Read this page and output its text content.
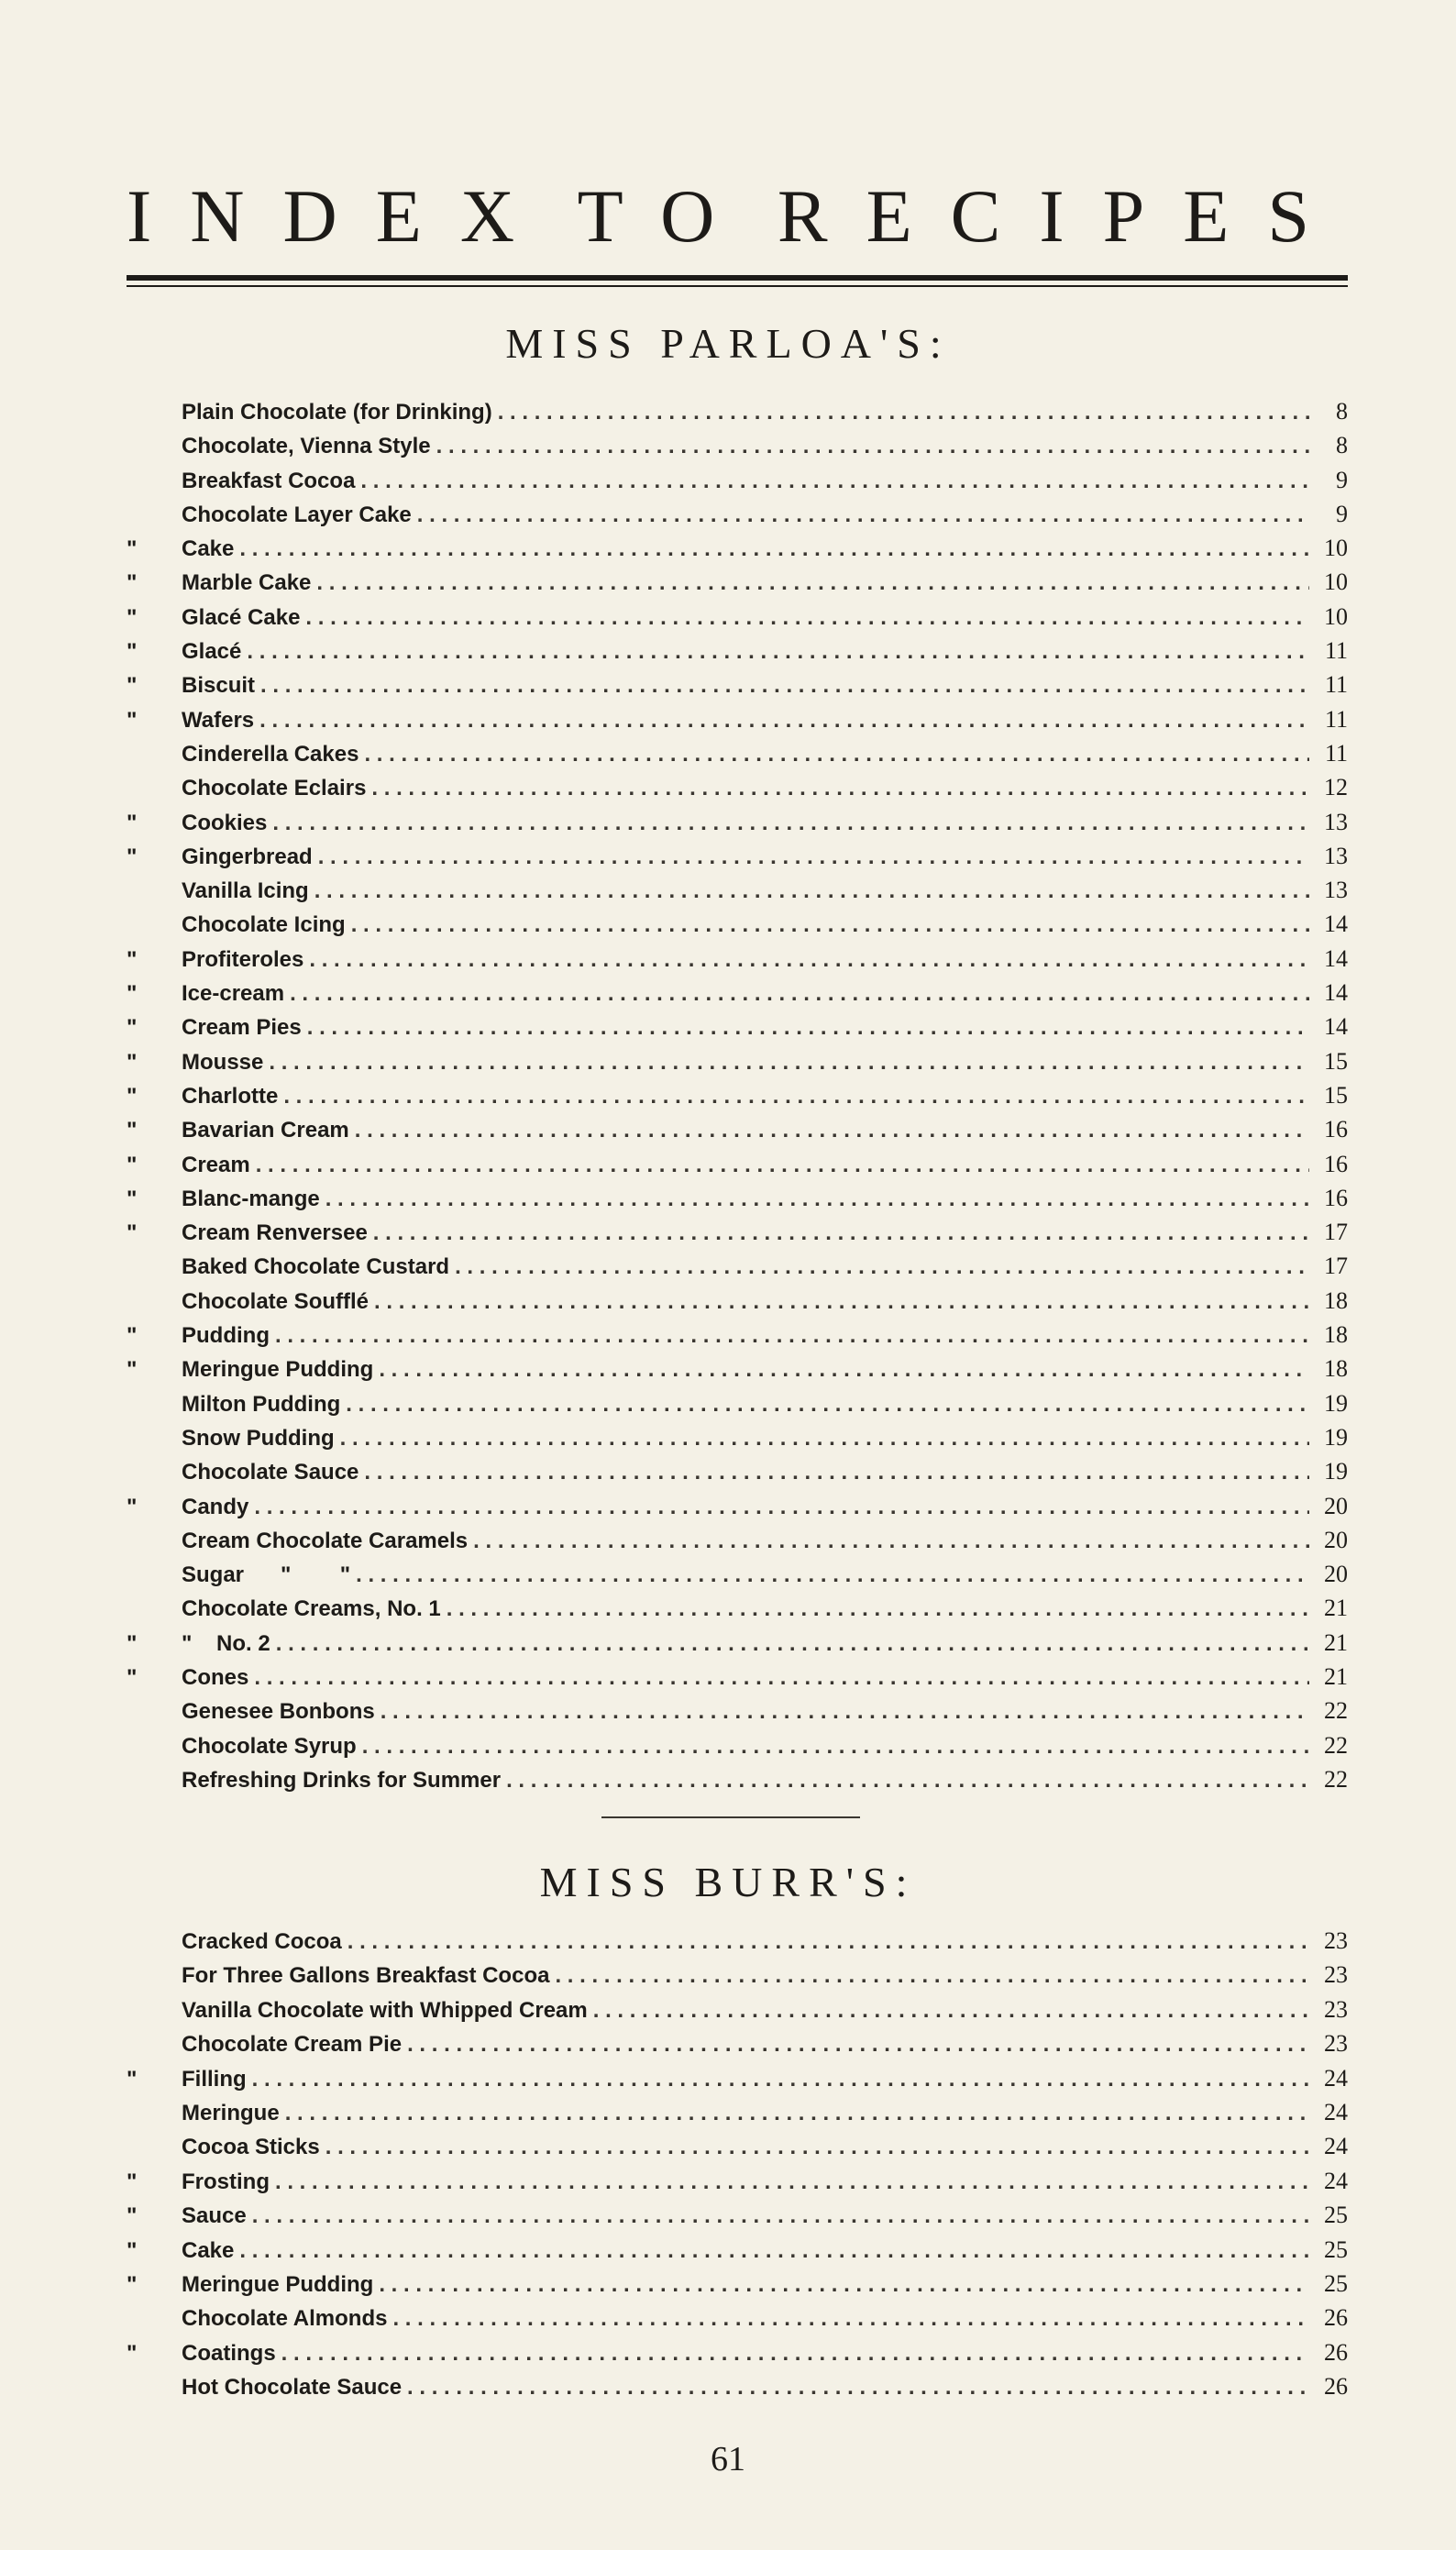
INDEX TO RECIPES
MISS PARLOA'S:
Plain Chocolate (for Drinking) . . .	8
Chocolate, Vienna Style . . .	8
Breakfast Cocoa . . .	9
Chocolate Layer Cake . . .	9
"	Cake . . .	10
"	Marble Cake . . .	10
"	Glacé Cake . . .	10
"	Glacé . . .	11
"	Biscuit . . .	11
"	Wafers . . .	11
Cinderella Cakes . . .	11
Chocolate Eclairs . . .	12
"	Cookies . . .	13
"	Gingerbread . . .	13
Vanilla Icing . . .	13
Chocolate Icing . . .	14
"	Profiteroles . . .	14
"	Ice-cream . . .	14
"	Cream Pies . . .	14
"	Mousse . . .	15
"	Charlotte . . .	15
"	Bavarian Cream . . .	16
"	Cream . . .	16
"	Blanc-mange . . .	16
"	Cream Renversee . . .	17
Baked Chocolate Custard . . .	17
Chocolate Soufflé . . .	18
"	Pudding . . .	18
"	Meringue Pudding . . .	18
Milton Pudding . . .	19
Snow Pudding . . .	19
Chocolate Sauce . . .	19
"	Candy . . .	20
Cream Chocolate Caramels . . .	20
Sugar      "        " . . .	20
Chocolate Creams, No. 1 . . .	21
"	"    No. 2 . . .	21
"	Cones . . .	21
Genesee Bonbons . . .	22
Chocolate Syrup . . .	22
Refreshing Drinks for Summer . . .	22
MISS BURR'S:
Cracked Cocoa . . .	23
For Three Gallons Breakfast Cocoa . . .	23
Vanilla Chocolate with Whipped Cream . . .	23
Chocolate Cream Pie . . .	23
"	Filling . . .	24
Meringue . . .	24
Cocoa Sticks . . .	24
"	Frosting . . .	24
"	Sauce . . .	25
"	Cake . . .	25
"	Meringue Pudding . . .	25
Chocolate Almonds . . .	26
"	Coatings . . .	26
Hot Chocolate Sauce . . .	26
61
